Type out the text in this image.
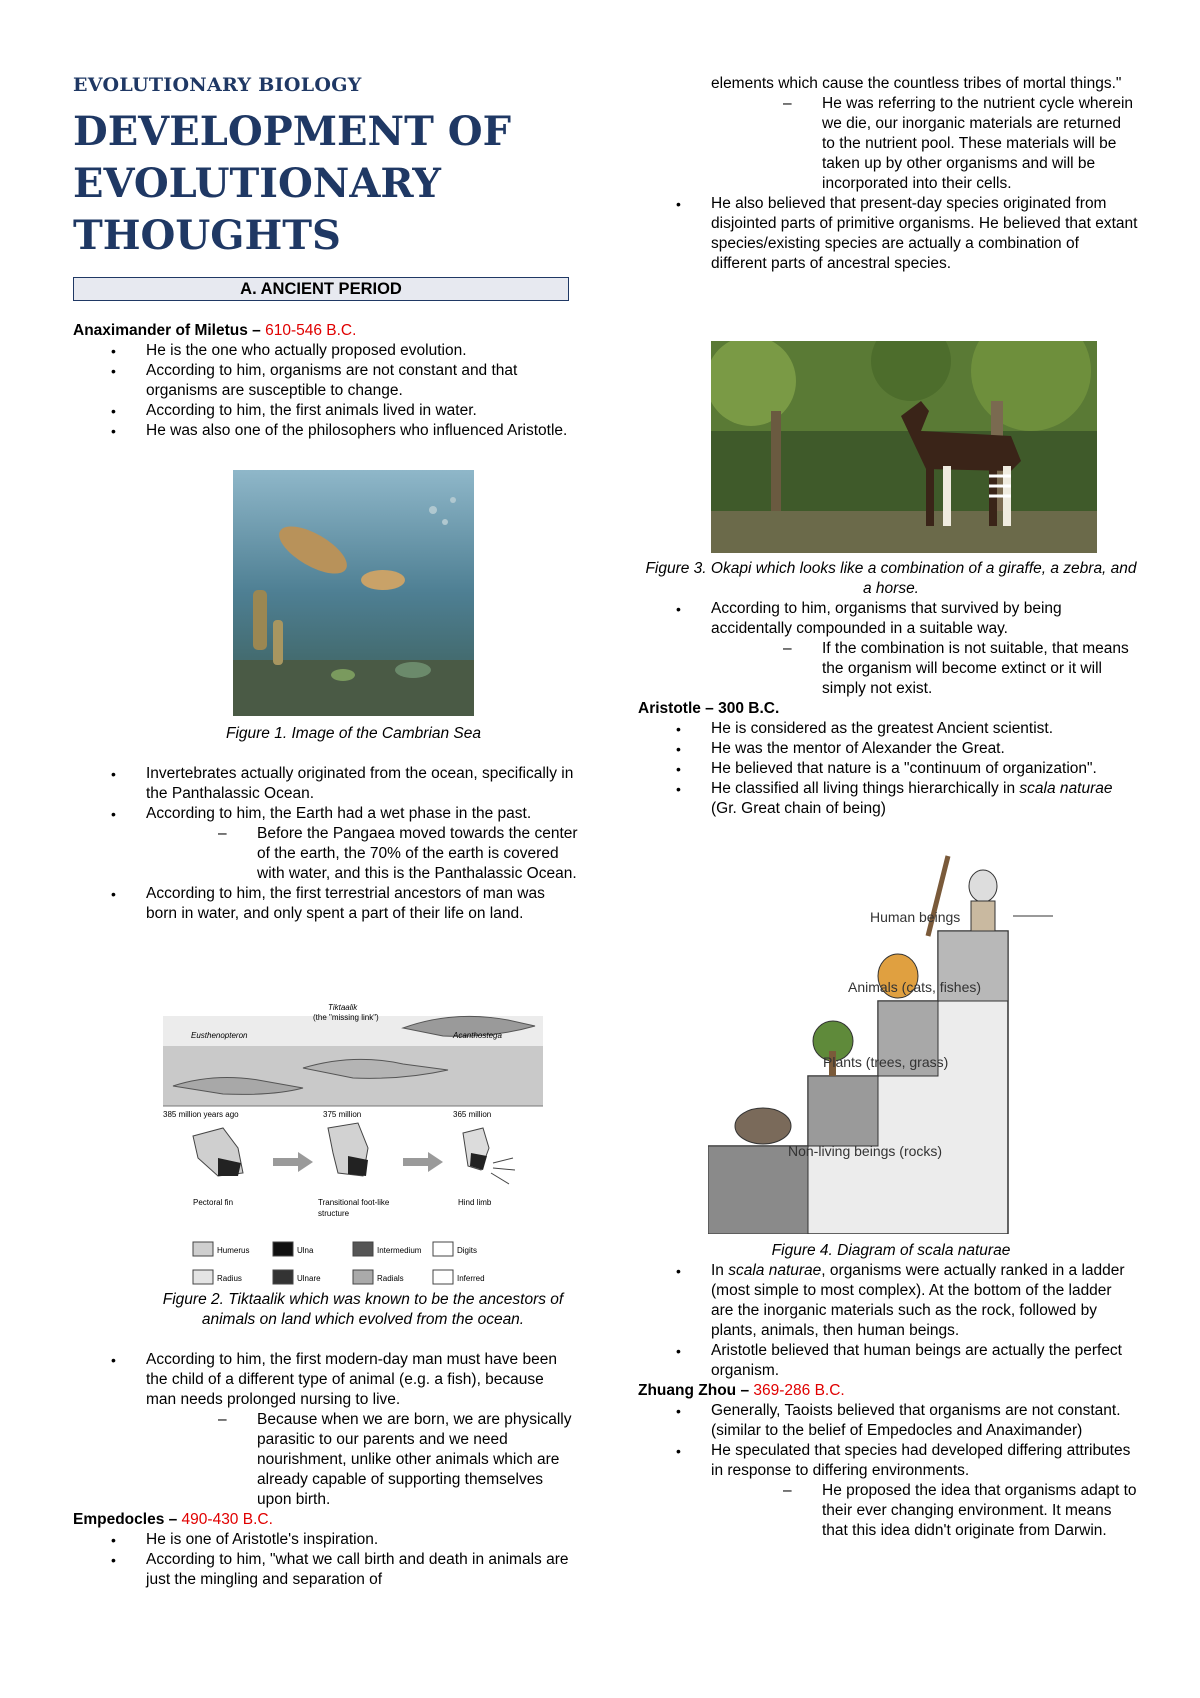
EVOLUTIONARY BIOLOGY
DEVELOPMENT OF
EVOLUTIONARY
THOUGHTS
A. ANCIENT PERIOD
Anaximander of Miletus – 610-546 B.C.
• He is the one who actually proposed evolution.
• According to him, organisms are not constant and that organisms are susceptible to change.
• According to him, the first animals lived in water.
• He was also one of the philosophers who influenced Aristotle.
Figure 1. Image of the Cambrian Sea
• Invertebrates actually originated from the ocean, specifically in the Panthalassic Ocean.
• According to him, the Earth had a wet phase in the past.
– Before the Pangaea moved towards the center of the earth, the 70% of the earth is covered with water, and this is the Panthalassic Ocean.
• According to him, the first terrestrial ancestors of man was born in water, and only spent a part of their life on land.
Eusthenopteron
Tiktaalik
(the "missing link")
Acanthostega
385 million years ago	375 million	365 million
Pectoral fin	Transitional foot-like
structure
Hind limb
Humerus	Ulna	Intermedium	Digits
Radius	Ulnare	Radials	Inferred
Figure 2. Tiktaalik which was known to be the ancestors of animals on land which evolved from the ocean.
• According to him, the first modern-day man must have been the child of a different type of animal (e.g. a fish), because man needs prolonged nursing to live.
– Because when we are born, we are physically parasitic to our parents and we need nourishment, unlike other animals which are already capable of supporting themselves upon birth.
Empedocles – 490-430 B.C.
• He is one of Aristotle's inspiration.
• According to him, "what we call birth and death in animals are just the mingling and separation of
elements which cause the countless tribes of mortal things."
– He was referring to the nutrient cycle wherein we die, our inorganic materials are returned to the nutrient pool. These materials will be taken up by other organisms and will be incorporated into their cells.
• He also believed that present-day species originated from disjointed parts of primitive organisms. He believed that extant species/existing species are actually a combination of different parts of ancestral species.
Figure 3. Okapi which looks like a combination of a giraffe, a zebra, and a horse.
• According to him, organisms that survived by being accidentally compounded in a suitable way.
– If the combination is not suitable, that means the organism will become extinct or it will simply not exist.
Aristotle – 300 B.C.
• He is considered as the greatest Ancient scientist.
• He was the mentor of Alexander the Great.
• He believed that nature is a "continuum of organization".
• He classified all living things hierarchically in scala naturae (Gr. Great chain of being)
Human beings
Animals (cats, fishes)
Plants (trees, grass)
Non-living beings (rocks)
Figure 4. Diagram of scala naturae
• In scala naturae, organisms were actually ranked in a ladder (most simple to most complex). At the bottom of the ladder are the inorganic materials such as the rock, followed by plants, animals, then human beings.
• Aristotle believed that human beings are actually the perfect organism.
Zhuang Zhou – 369-286 B.C.
• Generally, Taoists believed that organisms are not constant. (similar to the belief of Empedocles and Anaximander)
• He speculated that species had developed differing attributes in response to differing environments.
– He proposed the idea that organisms adapt to their ever changing environment. It means that this idea didn't originate from Darwin.
